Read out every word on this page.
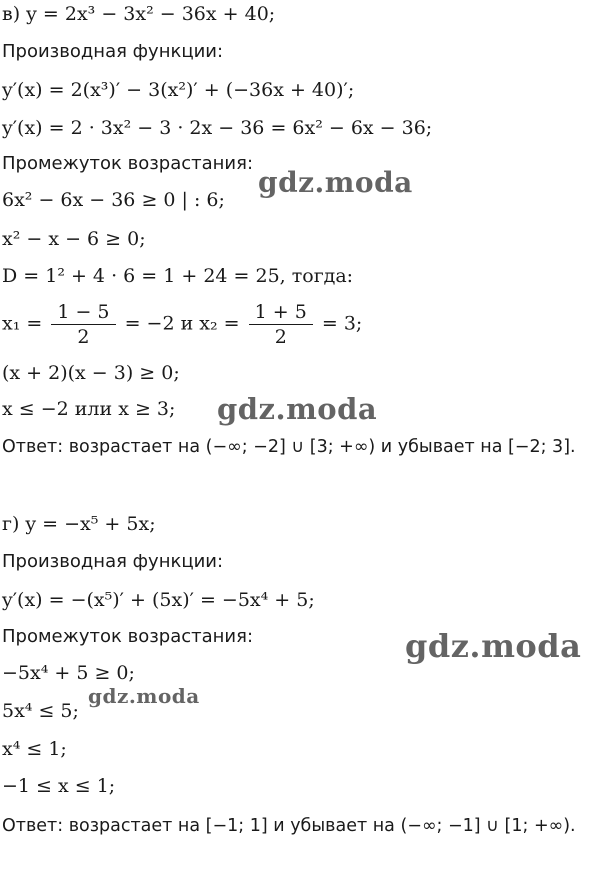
в) y = 2x³ − 3x² − 36x + 40;
Производная функции:
y′(x) = 2(x³)′ − 3(x²)′ + (−36x + 40)′;
y′(x) = 2 · 3x² − 3 · 2x − 36 = 6x² − 6x − 36;
Промежуток возрастания:
6x² − 6x − 36 ≥ 0 | : 6;
x² − x − 6 ≥ 0;
D = 1² + 4 · 6 = 1 + 24 = 25, тогда:
$x_1 = \frac{1 - 5}{2} = -2$ и $x_2 = \frac{1 + 5}{2} = 3$;
(x + 2)(x − 3) ≥ 0;
x ≤ −2 или x ≥ 3;
Ответ: возрастает на (−∞; −2] ∪ [3; +∞) и убывает на [−2; 3].
г) y = −x⁵ + 5x;
Производная функции:
y′(x) = −(x⁵)′ + (5x)′ = −5x⁴ + 5;
Промежуток возрастания:
−5x⁴ + 5 ≥ 0;
5x⁴ ≤ 5;
x⁴ ≤ 1;
−1 ≤ x ≤ 1;
Ответ: возрастает на [−1; 1] и убывает на (−∞; −1] ∪ [1; +∞).
gdz.moda
gdz.moda
gdz.moda
gdz.moda
